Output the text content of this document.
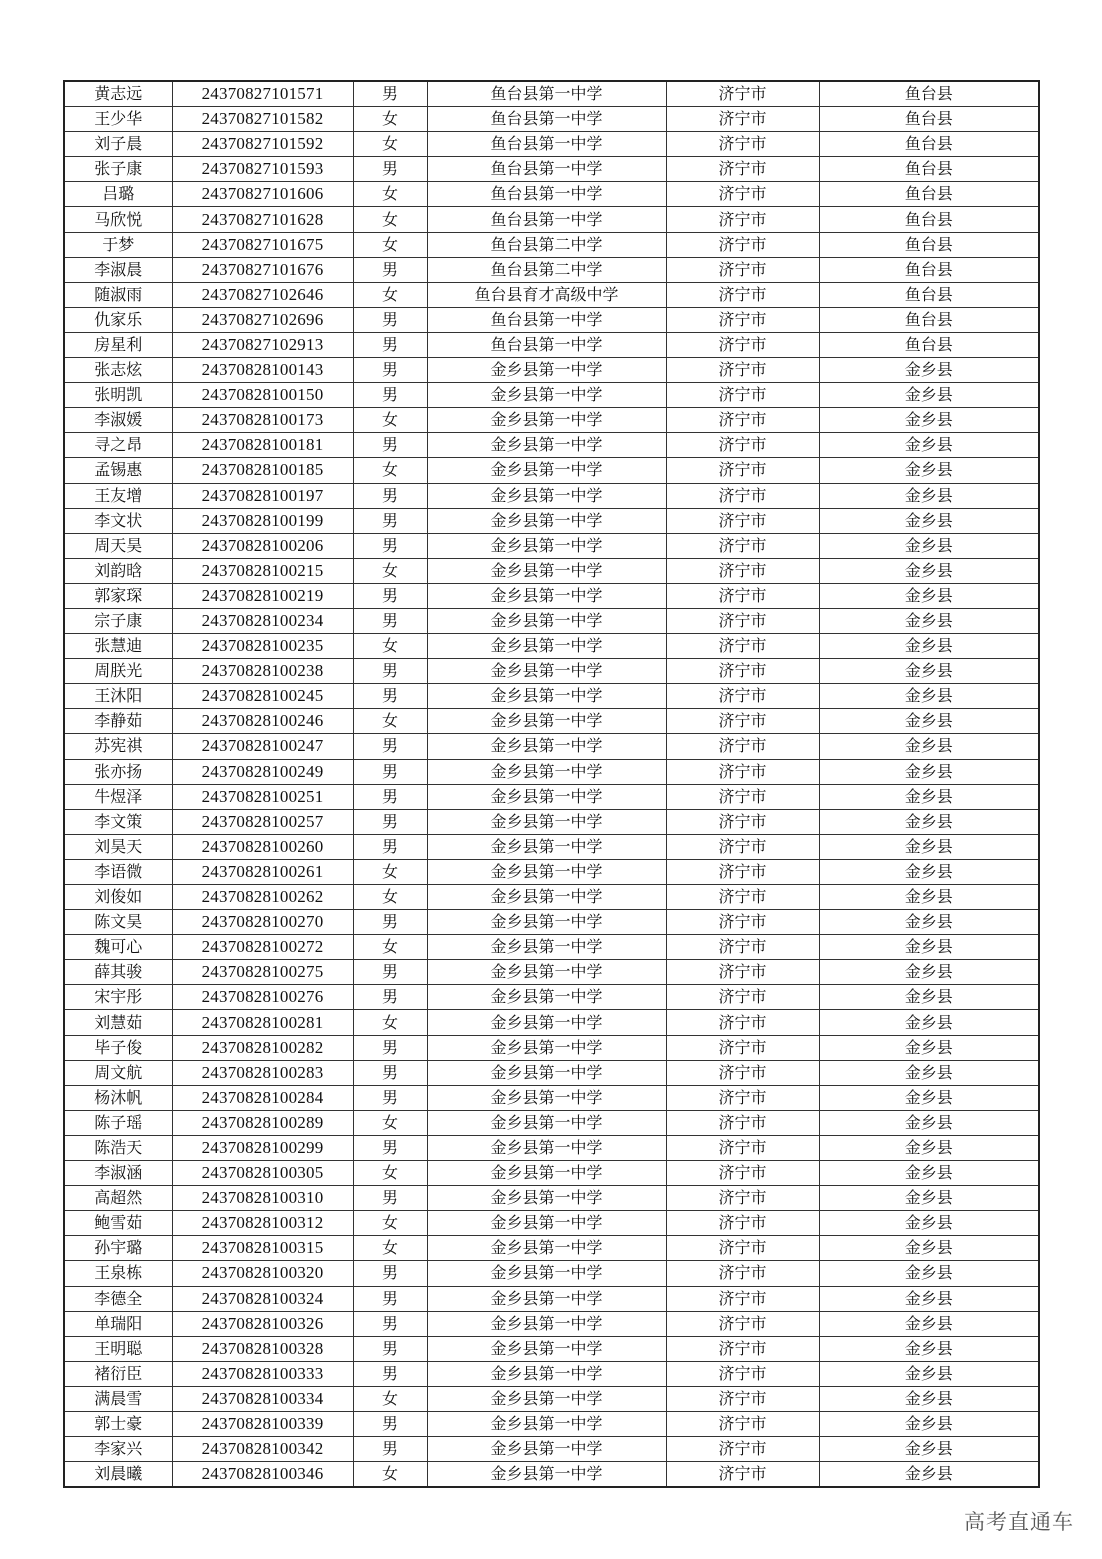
黄志远	24370827101571	男	鱼台县第一中学	济宁市	鱼台县
王少华	24370827101582	女	鱼台县第一中学	济宁市	鱼台县
刘子晨	24370827101592	女	鱼台县第一中学	济宁市	鱼台县
张子康	24370827101593	男	鱼台县第一中学	济宁市	鱼台县
吕璐	24370827101606	女	鱼台县第一中学	济宁市	鱼台县
马欣悦	24370827101628	女	鱼台县第一中学	济宁市	鱼台县
于梦	24370827101675	女	鱼台县第二中学	济宁市	鱼台县
李淑晨	24370827101676	男	鱼台县第二中学	济宁市	鱼台县
随淑雨	24370827102646	女	鱼台县育才高级中学	济宁市	鱼台县
仇家乐	24370827102696	男	鱼台县第一中学	济宁市	鱼台县
房星利	24370827102913	男	鱼台县第一中学	济宁市	鱼台县
张志炫	24370828100143	男	金乡县第一中学	济宁市	金乡县
张明凯	24370828100150	男	金乡县第一中学	济宁市	金乡县
李淑媛	24370828100173	女	金乡县第一中学	济宁市	金乡县
寻之昂	24370828100181	男	金乡县第一中学	济宁市	金乡县
孟锡惠	24370828100185	女	金乡县第一中学	济宁市	金乡县
王友增	24370828100197	男	金乡县第一中学	济宁市	金乡县
李文状	24370828100199	男	金乡县第一中学	济宁市	金乡县
周天昊	24370828100206	男	金乡县第一中学	济宁市	金乡县
刘韵晗	24370828100215	女	金乡县第一中学	济宁市	金乡县
郭家琛	24370828100219	男	金乡县第一中学	济宁市	金乡县
宗子康	24370828100234	男	金乡县第一中学	济宁市	金乡县
张慧迪	24370828100235	女	金乡县第一中学	济宁市	金乡县
周朕光	24370828100238	男	金乡县第一中学	济宁市	金乡县
王沐阳	24370828100245	男	金乡县第一中学	济宁市	金乡县
李静茹	24370828100246	女	金乡县第一中学	济宁市	金乡县
苏宪祺	24370828100247	男	金乡县第一中学	济宁市	金乡县
张亦扬	24370828100249	男	金乡县第一中学	济宁市	金乡县
牛煜泽	24370828100251	男	金乡县第一中学	济宁市	金乡县
李文策	24370828100257	男	金乡县第一中学	济宁市	金乡县
刘昊天	24370828100260	男	金乡县第一中学	济宁市	金乡县
李语微	24370828100261	女	金乡县第一中学	济宁市	金乡县
刘俊如	24370828100262	女	金乡县第一中学	济宁市	金乡县
陈文昊	24370828100270	男	金乡县第一中学	济宁市	金乡县
魏可心	24370828100272	女	金乡县第一中学	济宁市	金乡县
薛其骏	24370828100275	男	金乡县第一中学	济宁市	金乡县
宋宇彤	24370828100276	男	金乡县第一中学	济宁市	金乡县
刘慧茹	24370828100281	女	金乡县第一中学	济宁市	金乡县
毕子俊	24370828100282	男	金乡县第一中学	济宁市	金乡县
周文航	24370828100283	男	金乡县第一中学	济宁市	金乡县
杨沐帆	24370828100284	男	金乡县第一中学	济宁市	金乡县
陈子瑶	24370828100289	女	金乡县第一中学	济宁市	金乡县
陈浩天	24370828100299	男	金乡县第一中学	济宁市	金乡县
李淑涵	24370828100305	女	金乡县第一中学	济宁市	金乡县
高超然	24370828100310	男	金乡县第一中学	济宁市	金乡县
鲍雪茹	24370828100312	女	金乡县第一中学	济宁市	金乡县
孙宇璐	24370828100315	女	金乡县第一中学	济宁市	金乡县
王泉栋	24370828100320	男	金乡县第一中学	济宁市	金乡县
李德全	24370828100324	男	金乡县第一中学	济宁市	金乡县
单瑞阳	24370828100326	男	金乡县第一中学	济宁市	金乡县
王明聪	24370828100328	男	金乡县第一中学	济宁市	金乡县
褚衍臣	24370828100333	男	金乡县第一中学	济宁市	金乡县
满晨雪	24370828100334	女	金乡县第一中学	济宁市	金乡县
郭士豪	24370828100339	男	金乡县第一中学	济宁市	金乡县
李家兴	24370828100342	男	金乡县第一中学	济宁市	金乡县
刘晨曦	24370828100346	女	金乡县第一中学	济宁市	金乡县
高考直通车
